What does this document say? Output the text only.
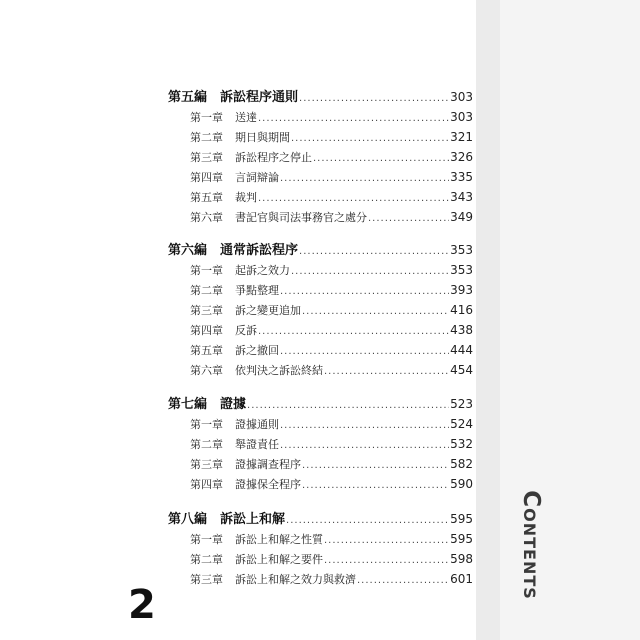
Contents
第五編 訴訟程序通則 .....	303
第一章 送達 .....	303
第二章 期日與期間 .....	321
第三章 訴訟程序之停止 .....	326
第四章 言詞辯論 .....	335
第五章 裁判 .....	343
第六章 書記官與司法事務官之處分 .....	349
第六編 通常訴訟程序 .....	353
第一章 起訴之效力 .....	353
第二章 爭點整理 .....	393
第三章 訴之變更追加 .....	416
第四章 反訴 .....	438
第五章 訴之撤回 .....	444
第六章 依判決之訴訟終結 .....	454
第七編 證據 .....	523
第一章 證據通則 .....	524
第二章 舉證責任 .....	532
第三章 證據調查程序 .....	582
第四章 證據保全程序 .....	590
第八編 訴訟上和解 .....	595
第一章 訴訟上和解之性質 .....	595
第二章 訴訟上和解之要件 .....	598
第三章 訴訟上和解之效力與救濟 .....	601
2
